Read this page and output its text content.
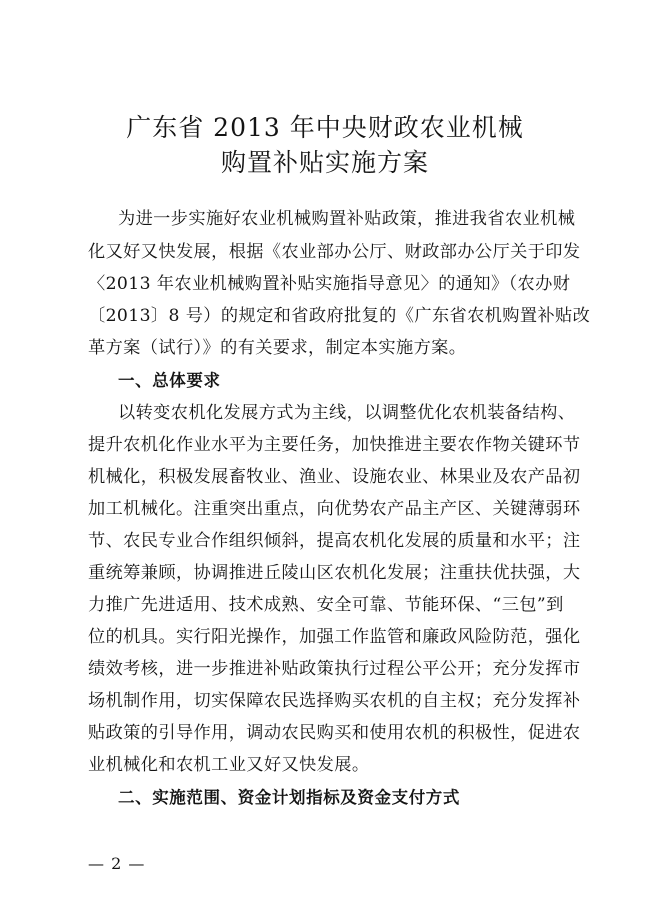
广东省 2013 年中央财政农业机械
购置补贴实施方案
为进一步实施好农业机械购置补贴政策，推进我省农业机械
化又好又快发展，根据《农业部办公厅、财政部办公厅关于印发
〈2013 年农业机械购置补贴实施指导意见〉的通知》（农办财
〔2013〕8 号）的规定和省政府批复的《广东省农机购置补贴改
革方案（试行）》的有关要求，制定本实施方案。
一、总体要求
以转变农机化发展方式为主线，以调整优化农机装备结构、
提升农机化作业水平为主要任务，加快推进主要农作物关键环节
机械化，积极发展畜牧业、渔业、设施农业、林果业及农产品初
加工机械化。注重突出重点，向优势农产品主产区、关键薄弱环
节、农民专业合作组织倾斜，提高农机化发展的质量和水平；注
重统筹兼顾，协调推进丘陵山区农机化发展；注重扶优扶强，大
力推广先进适用、技术成熟、安全可靠、节能环保、“三包”到
位的机具。实行阳光操作，加强工作监管和廉政风险防范，强化
绩效考核，进一步推进补贴政策执行过程公平公开；充分发挥市
场机制作用，切实保障农民选择购买农机的自主权；充分发挥补
贴政策的引导作用，调动农民购买和使用农机的积极性，促进农
业机械化和农机工业又好又快发展。
二、实施范围、资金计划指标及资金支付方式
— 2 —
